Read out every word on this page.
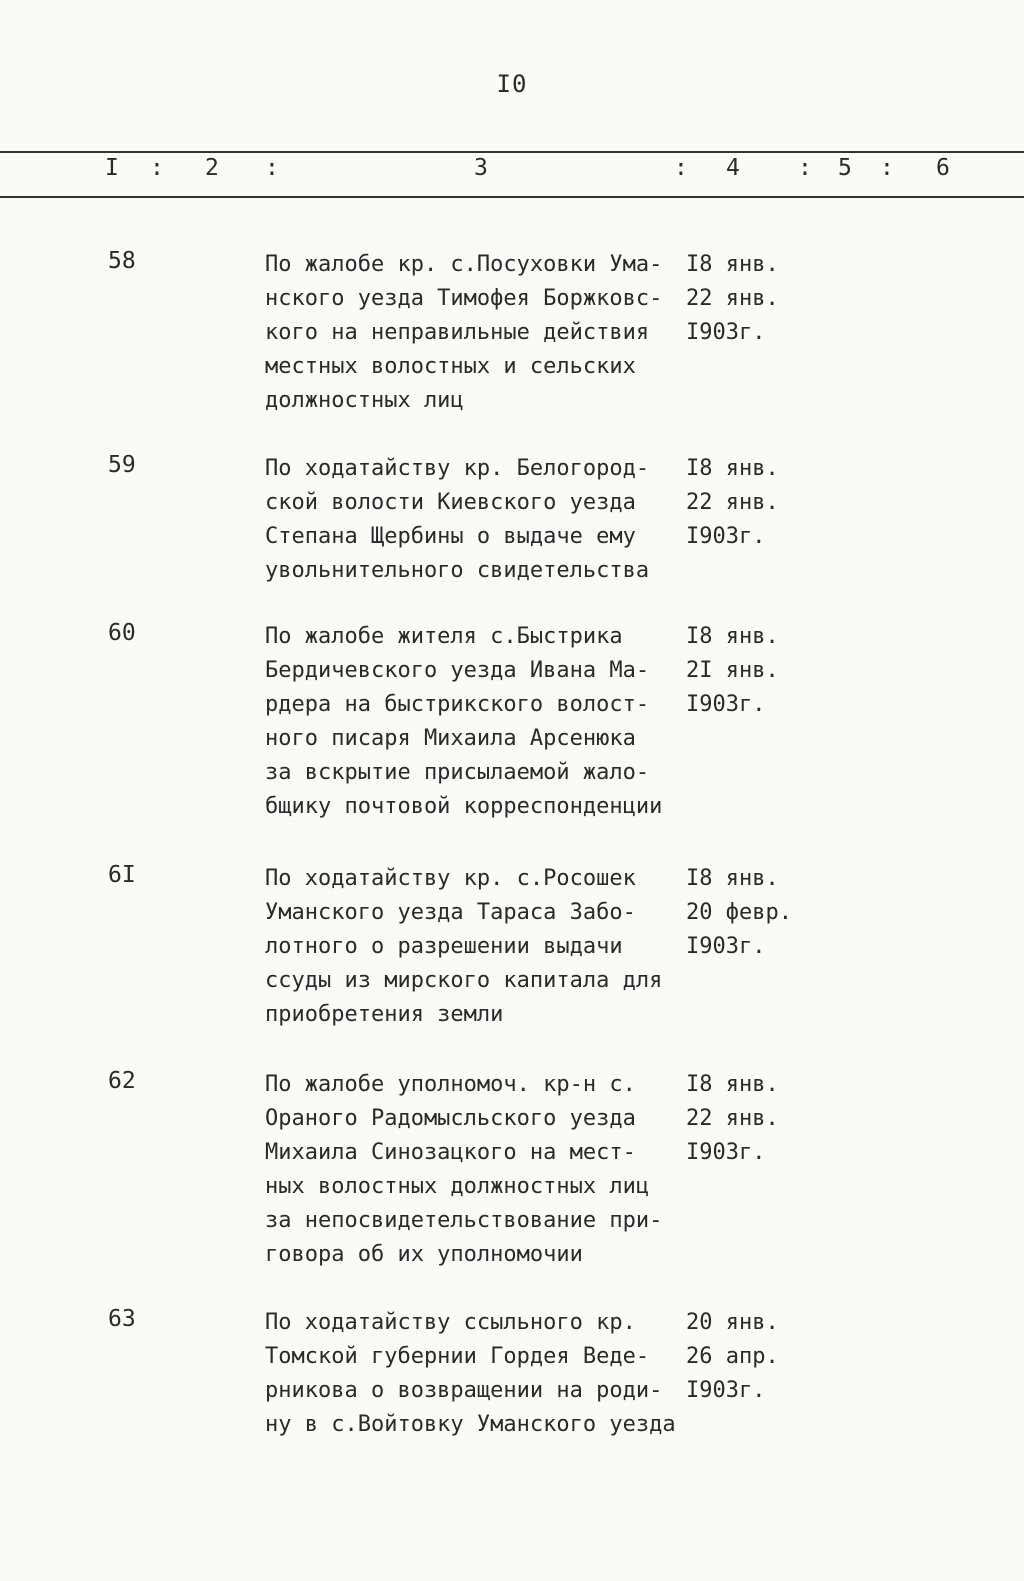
I0
I : 2 :	3	: 4	: 5 : 6
58	По жалобе кр. с.Посуховки Ума-
нского уезда Тимофея Боржковс-
кого на неправильные действия
местных волостных и сельских
должностных лиц
I8 янв.
22 янв.
I903г.
59	По ходатайству кр. Белогород-
ской волости Киевского уезда
Степана Щербины о выдаче ему
увольнительного свидетельства
I8 янв.
22 янв.
I903г.
60	По жалобе жителя с.Быстрика
Бердичевского уезда Ивана Ма-
рдера на быстрикского волост-
ного писаря Михаила Арсенюка
за вскрытие присылаемой жало-
бщику почтовой корреспонденции
I8 янв.
2I янв.
I903г.
6I	По ходатайству кр. с.Росошек
Уманского уезда Тараса Забо-
лотного о разрешении выдачи
ссуды из мирского капитала для
приобретения земли
I8 янв.
20 февр.
I903г.
62	По жалобе уполномоч. кр-н с.
Ораного Радомысльского уезда
Михаила Синозацкого на мест-
ных волостных должностных лиц
за непосвидетельствование при-
говора об их уполномочии
I8 янв.
22 янв.
I903г.
63	По ходатайству ссыльного кр.
Томской губернии Гордея Веде-
рникова о возвращении на роди-
ну в с.Войтовку Уманского уезда
20 янв.
26 апр.
I903г.
